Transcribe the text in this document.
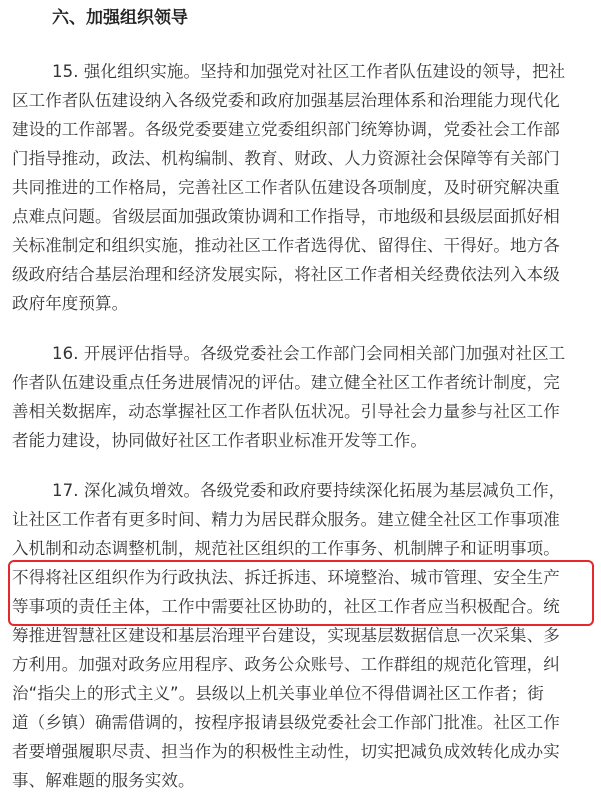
六、加强组织领导
15. 强化组织实施。坚持和加强党对社区工作者队伍建设的领导，把社
区工作者队伍建设纳入各级党委和政府加强基层治理体系和治理能力现代化
建设的工作部署。各级党委要建立党委组织部门统筹协调，党委社会工作部
门指导推动，政法、机构编制、教育、财政、人力资源社会保障等有关部门
共同推进的工作格局，完善社区工作者队伍建设各项制度，及时研究解决重
点难点问题。省级层面加强政策协调和工作指导，市地级和县级层面抓好相
关标准制定和组织实施，推动社区工作者选得优、留得住、干得好。地方各
级政府结合基层治理和经济发展实际，将社区工作者相关经费依法列入本级
政府年度预算。
16. 开展评估指导。各级党委社会工作部门会同相关部门加强对社区工
作者队伍建设重点任务进展情况的评估。建立健全社区工作者统计制度，完
善相关数据库，动态掌握社区工作者队伍状况。引导社会力量参与社区工作
者能力建设，协同做好社区工作者职业标准开发等工作。
17. 深化减负增效。各级党委和政府要持续深化拓展为基层减负工作，
让社区工作者有更多时间、精力为居民群众服务。建立健全社区工作事项准
入机制和动态调整机制，规范社区组织的工作事务、机制牌子和证明事项。
不得将社区组织作为行政执法、拆迁拆违、环境整治、城市管理、安全生产
等事项的责任主体，工作中需要社区协助的，社区工作者应当积极配合。统
筹推进智慧社区建设和基层治理平台建设，实现基层数据信息一次采集、多
方利用。加强对政务应用程序、政务公众账号、工作群组的规范化管理，纠
治“指尖上的形式主义”。县级以上机关事业单位不得借调社区工作者；街
道（乡镇）确需借调的，按程序报请县级党委社会工作部门批准。社区工作
者要增强履职尽责、担当作为的积极性主动性，切实把减负成效转化成办实
事、解难题的服务实效。
